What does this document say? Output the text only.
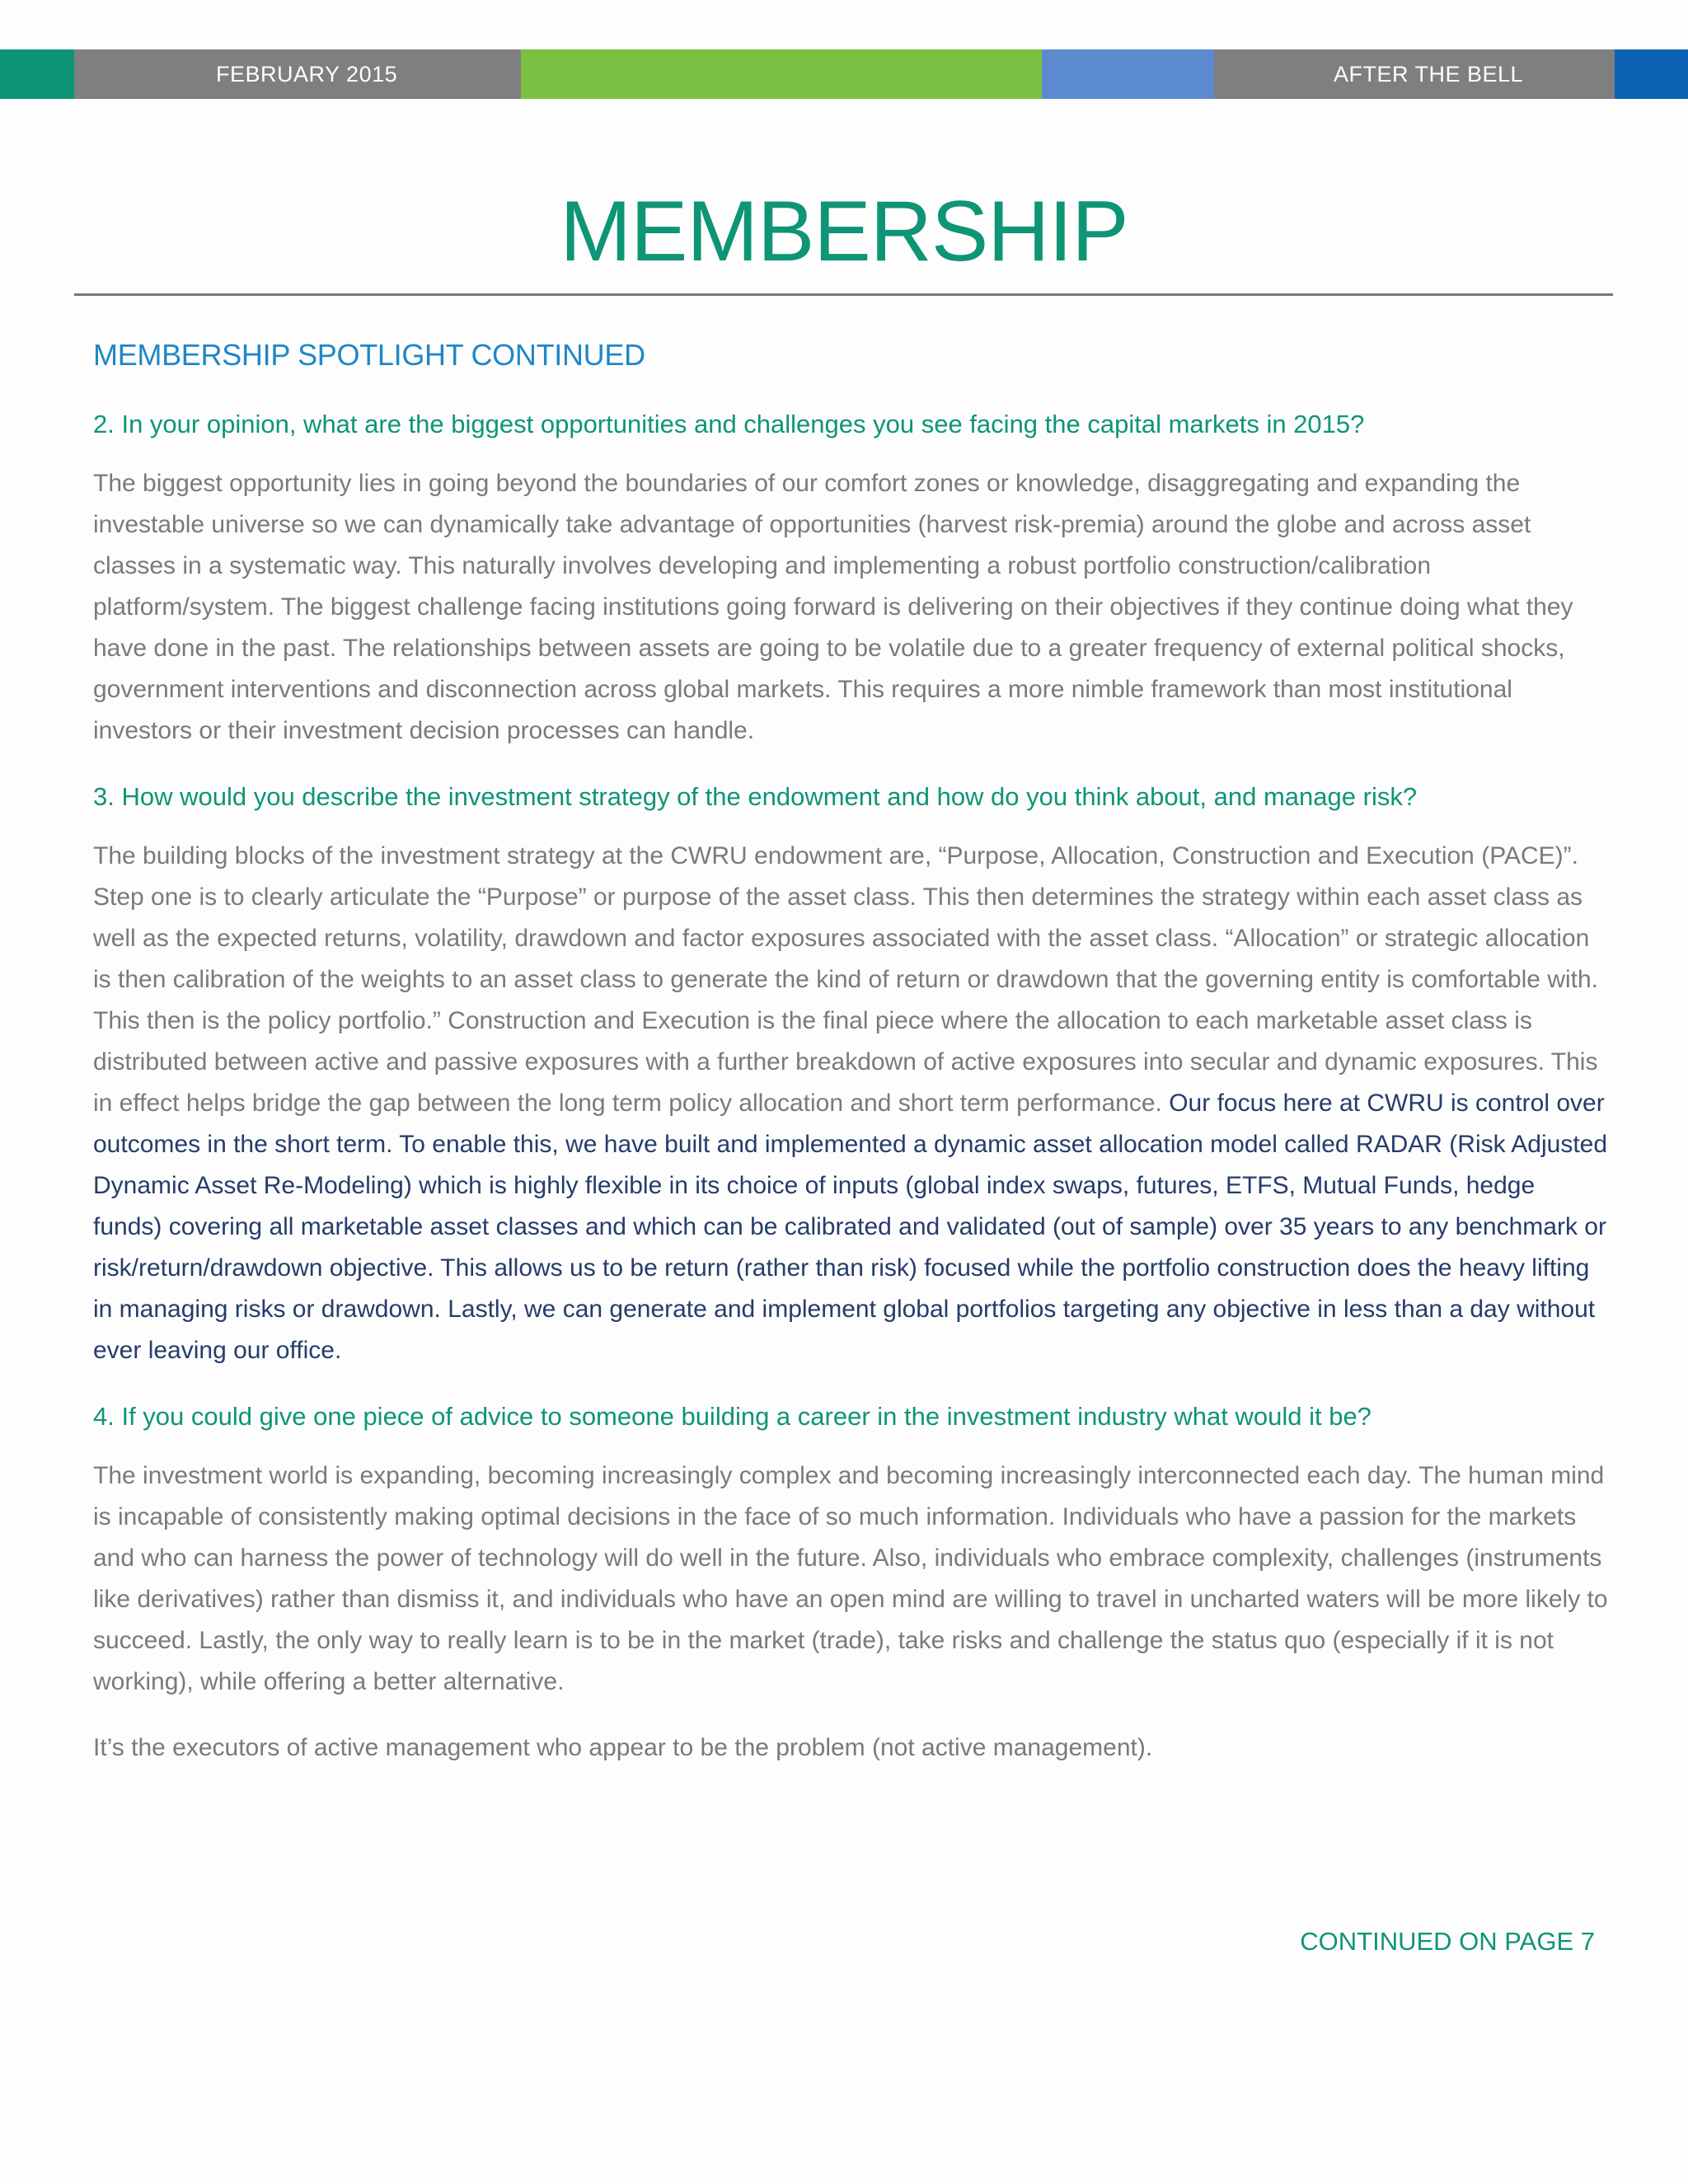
FEBRUARY 2015	AFTER THE BELL
MEMBERSHIP
MEMBERSHIP SPOTLIGHT CONTINUED

2. In your opinion, what are the biggest opportunities and challenges you see facing the capital markets in 2015?

The biggest opportunity lies in going beyond the boundaries of our comfort zones or knowledge, disaggregating and expanding the investable universe so we can dynamically take advantage of opportunities (harvest risk-premia) around the globe and across asset classes in a systematic way. This naturally involves developing and implementing a robust portfolio construction/calibration platform/system. The biggest challenge facing institutions going forward is delivering on their objectives if they continue doing what they have done in the past. The relationships between assets are going to be volatile due to a greater frequency of external political shocks, government interventions and disconnection across global markets. This requires a more nimble framework than most institutional investors or their investment decision processes can handle.

3. How would you describe the investment strategy of the endowment and how do you think about, and manage risk?

The building blocks of the investment strategy at the CWRU endowment are, “Purpose, Allocation, Construction and Execution (PACE)”. Step one is to clearly articulate the “Purpose” or purpose of the asset class. This then determines the strategy within each asset class as well as the expected returns, volatility, drawdown and factor exposures associated with the asset class. “Allocation” or strategic allocation is then calibration of the weights to an asset class to generate the kind of return or drawdown that the governing entity is comfortable with. This then is the policy portfolio.” Construction and Execution is the final piece where the allocation to each marketable asset class is distributed between active and passive exposures with a further breakdown of active exposures into secular and dynamic exposures. This in effect helps bridge the gap between the long term policy allocation and short term performance. Our focus here at CWRU is control over outcomes in the short term. To enable this, we have built and implemented a dynamic asset allocation model called RADAR (Risk Adjusted Dynamic Asset Re-Modeling) which is highly flexible in its choice of inputs (global index swaps, futures, ETFS, Mutual Funds, hedge funds) covering all marketable asset classes and which can be calibrated and validated (out of sample) over 35 years to any benchmark or risk/return/drawdown objective. This allows us to be return (rather than risk) focused while the portfolio construction does the heavy lifting in managing risks or drawdown. Lastly, we can generate and implement global portfolios targeting any objective in less than a day without ever leaving our office.

4. If you could give one piece of advice to someone building a career in the investment industry what would it be?

The investment world is expanding, becoming increasingly complex and becoming increasingly interconnected each day. The human mind is incapable of consistently making optimal decisions in the face of so much information. Individuals who have a passion for the markets and who can harness the power of technology will do well in the future. Also, individuals who embrace complexity, challenges (instruments like derivatives) rather than dismiss it, and individuals who have an open mind are willing to travel in uncharted waters will be more likely to succeed. Lastly, the only way to really learn is to be in the market (trade), take risks and challenge the status quo (especially if it is not working), while offering a better alternative.

It’s the executors of active management who appear to be the problem (not active management).

CONTINUED ON PAGE 7
